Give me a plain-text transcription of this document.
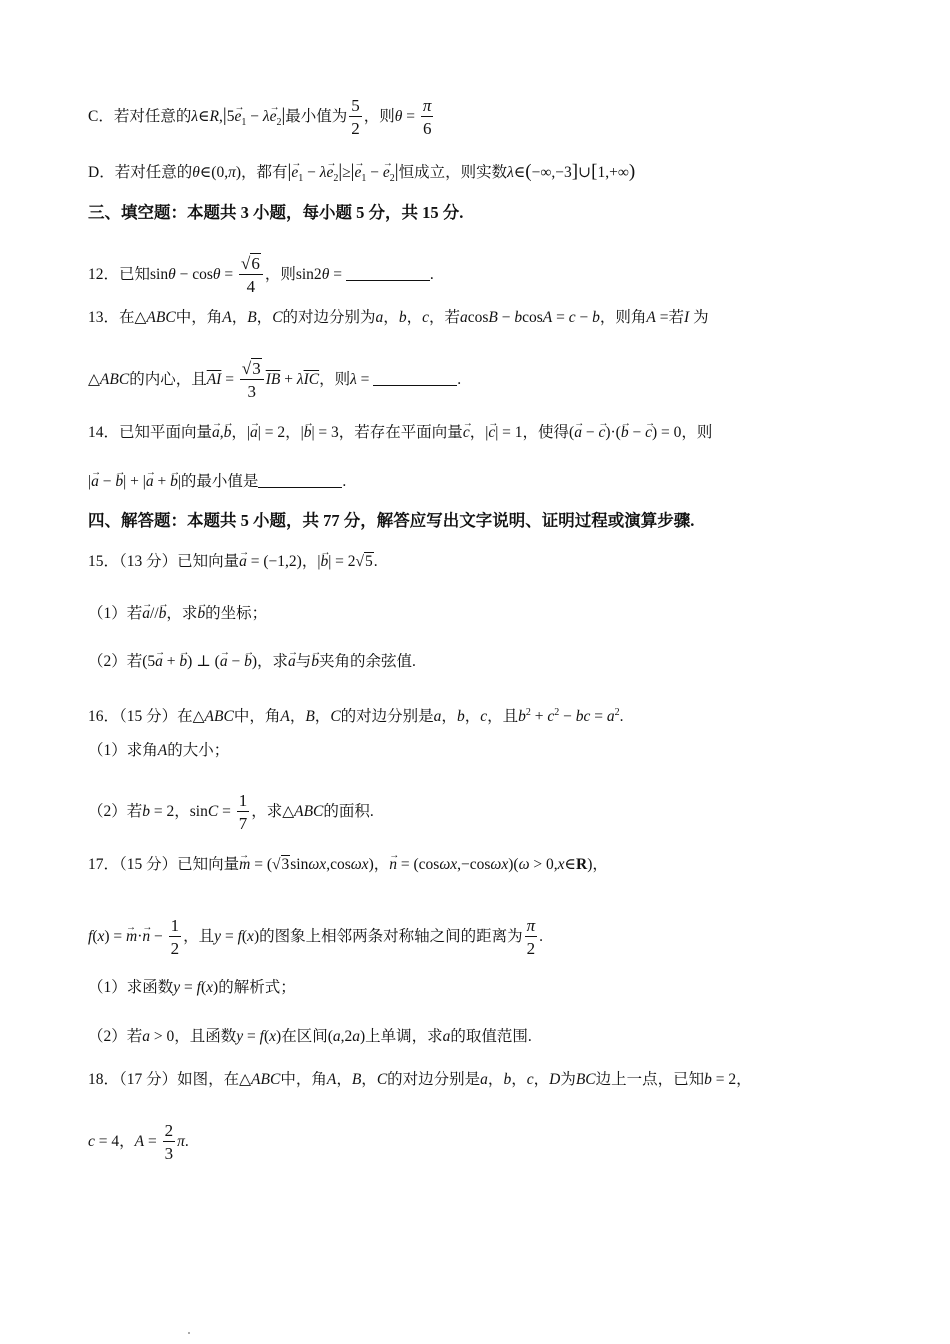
C．若对任意的λ∈R,|5→ $e_1 - \lambda\to e_2|$最小值为 $\frac{5}{2}$ ，则$\theta = \frac{\pi}{6}$
D．若对任意的θ∈(0,π)，都有|→ $e_1 - \lambda\to e_2|\ge|\to e_1$ − → $e_2|$恒成立，则实数λ∈(−∞,−3]∪[1,+∞)
三、填空题：本题共 3 小题，每小题 5 分，共 15 分.
12．已知$\sin\theta - \cos\theta = \frac{√6}{4}$ ，则sin2θ =	.
13．在△ABC中，角A，B，C的对边分别为a，b，c，若acosB − bcosA = c − b，则角A =若I 为
△ABC的内心，且$\overline{AI} = \frac{√3}{3} \overline{IB} + \lambda\overline{IC}$，则λ =	.
14．已知平面向量→ a,→ b，|→ a| = 2，|→ b| = 3，若存在平面向量→ c，|→ c| = 1，使得(→ a − → c)·(→ b − → c) = 0，则
|→ a − → b| + |→ a + → b|的最小值是	.
四、解答题：本题共 5 小题，共 77 分，解答应写出文字说明、证明过程或演算步骤.
15．（13 分）已知向量→ a = (−1,2)，|→ b| = 2√5.
（1）若→ a//→ b，求→ b的坐标；
（2）若(5→ a + → b) ⊥ (→ a − → b)，求→ a与→ b夹角的余弦值.
16．（15 分）在△ABC中，角A，B，C的对边分别是a，b，c，且$b^2 + c^2$ − bc = $a^2$.
（1）求角A的大小；
（2）若b = 2，$\sin C = \frac{1}{7}$ ，求△ABC的面积.
17．（15 分）已知向量→ m = (√3sinωx,cosωx)，→ n = (cosωx,−cosωx)(ω > 0,x∈R)，
f(x) = → $m\cdot\to n - \frac{1}{2}$ ，且y = f(x)的图象上相邻两条对称轴之间的距离为 $\frac{\pi}{2}$ .
（1）求函数y = f(x)的解析式；
（2）若a > 0，且函数y = f(x)在区间(a,2a)上单调，求a的取值范围.
18．（17 分）如图，在△ABC中，角A，B，C的对边分别是a，b，c，D为BC边上一点，已知b = 2，
c = 4，$A = \frac{2}{3} \pi$.
